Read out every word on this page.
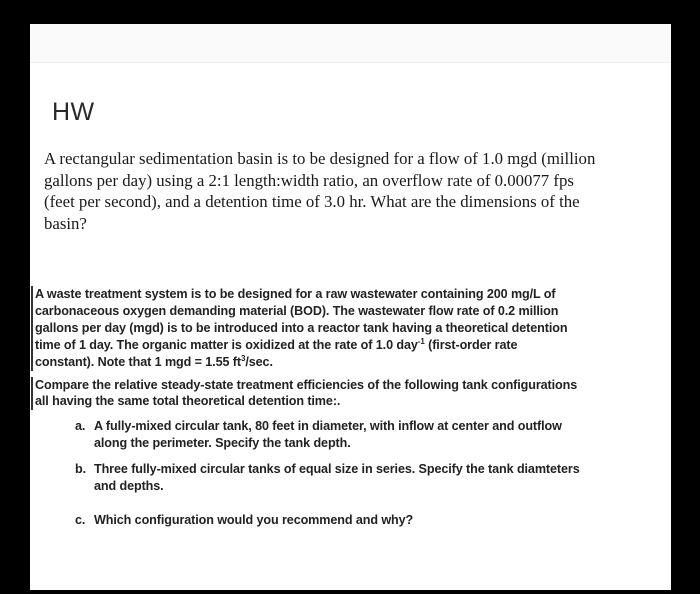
HW

A rectangular sedimentation basin is to be designed for a flow of 1.0 mgd (million
gallons per day) using a 2:1 length:width ratio, an overflow rate of 0.00077 fps
(feet per second), and a detention time of 3.0 hr. What are the dimensions of the
basin?

A waste treatment system is to be designed for a raw wastewater containing 200 mg/L of
carbonaceous oxygen demanding material (BOD). The wastewater flow rate of 0.2 million
gallons per day (mgd) is to be introduced into a reactor tank having a theoretical detention
time of 1 day. The organic matter is oxidized at the rate of 1.0 day$^{-1}$ (first-order rate
constant). Note that 1 mgd = 1.55 $ft^3/\sec$.
Compare the relative steady-state treatment efficiencies of the following tank configurations
all having the same total theoretical detention time:.
a. A fully-mixed circular tank, 80 feet in diameter, with inflow at center and outflow
along the perimeter. Specify the tank depth.
b. Three fully-mixed circular tanks of equal size in series. Specify the tank diamteters
and depths.
c. Which configuration would you recommend and why?
